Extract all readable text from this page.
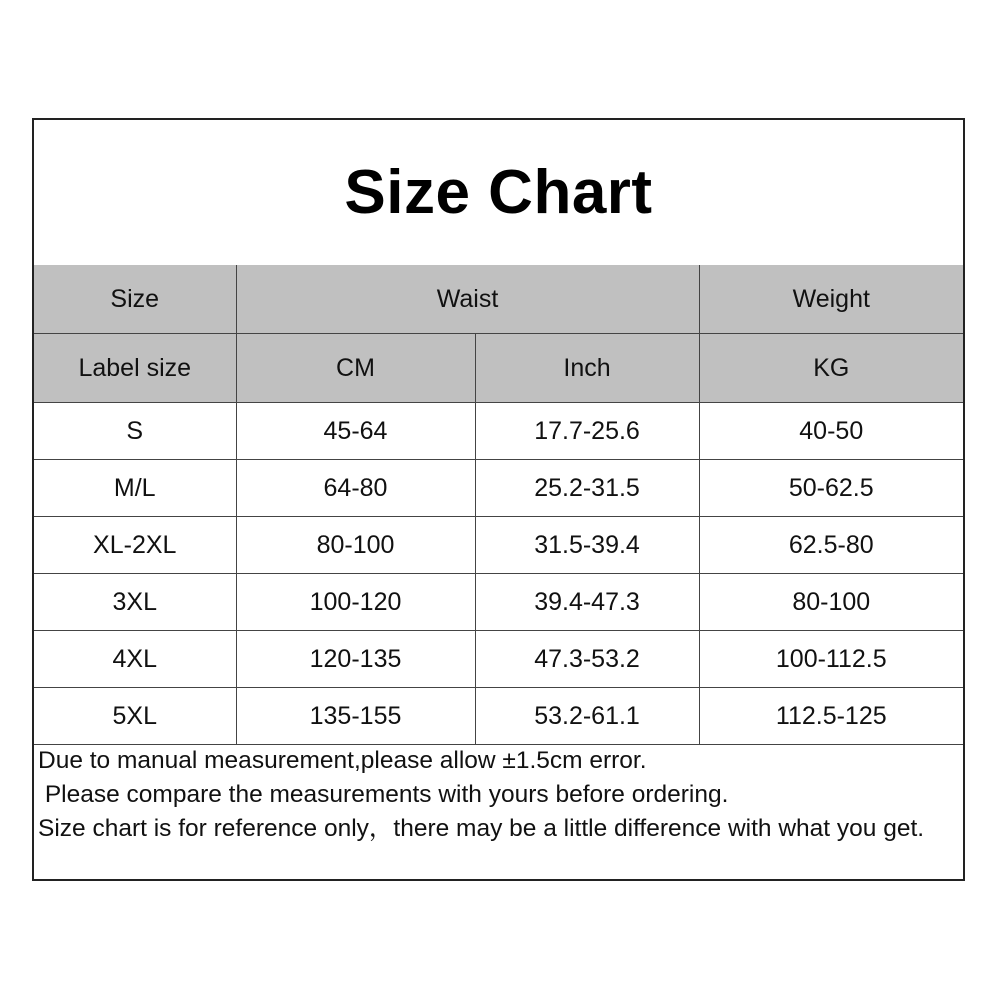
Size Chart
Size	Waist		Weight
Label size	CM	Inch	KG
S	45-64	17.7-25.6	40-50
M/L	64-80	25.2-31.5	50-62.5
XL-2XL	80-100	31.5-39.4	62.5-80
3XL	100-120	39.4-47.3	80-100
4XL	120-135	47.3-53.2	100-112.5
5XL	135-155	53.2-61.1	112.5-125
Due to manual measurement,please allow ±1.5cm error.
Please compare the measurements with yours before ordering.
Size chart is for reference only，there may be a little difference with what you get.
